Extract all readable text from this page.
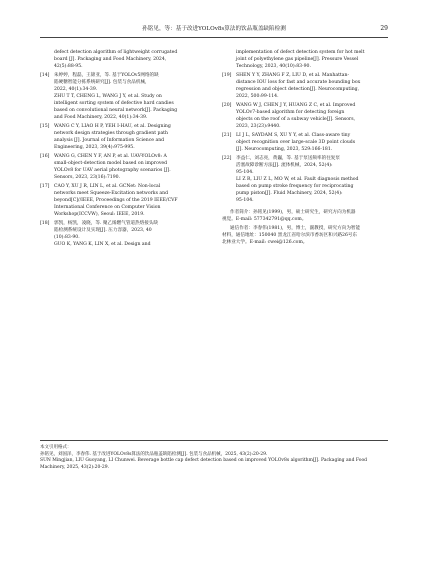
孙铭见，等：基于改进YOLOv8s算法的饮品瓶盖缺陷检测	29
defect detection algorithm of lightweight corrugated
board [J]. Packaging and Food Machinery, 2024,
42(5):88-95.
[14] 朱婷婷，程磊，王锦亚，等. 基于YOLOv5网络的缺
陷硬糖智能分拣系统研究[J]. 包装与食品机械，
2022, 40(1):34-39.
ZHU T T, CHENG L, WANG J Y, et al. Study on
intelligent sorting system of defective hard candies
based on convolutional neural network[J]. Packaging
and Food Machinery, 2022, 40(1):34-39.
[15] WANG C Y, LIAO H P, YEH I-HAU, et al. Designing
network design strategies through gradient path
analysis [J]. Journal of Information Science and
Engineering, 2023, 39(4):975-995.
[16] WANG G, CHEN Y F, AN P, et al. UAV-YOLOv8: A
small-object-detection model based on improved
YOLOv8 for UAV aerial photography scenarios [J].
Sensors, 2023, 23(16):7190.
[17] CAO Y, XU J R, LIN L, et al. GCNet: Non-local
networks meet Squeeze-Excitation networks and
beyond[C]//IEEE, Proceedings of the 2019 IEEE/CVF
International Conference on Computer Vision
Workshop(ICCVW), Seoul: IEEE, 2019.
[18] 郭凯，杨凯，凌晓，等. 聚乙烯燃气管道热熔接头缺
陷检测系统设计及实现[J]. 压力容器，2023, 40
(10):83-90.
GUO K, YANG K, LIN X, et al. Design and
implementation of defect detection system for hot melt
joint of polyethylene gas pipeline[J]. Pressure Vessel
Technology, 2023, 40(10):83-90.
[19] SHEN Y Y, ZHANG F Z, LIU D, et al. Manhattan-
distance IOU loss for fast and accurate bounding box
regression and object detection[J]. Neurocomputing,
2022, 500:99-114.
[20] WANG W J, CHEN J Y, HUANG Z C, et al. Improved
YOLOv7-based algorithm for detecting foreign
objects on the roof of a subway vehicle[J]. Sensors,
2023, 23(23):9440.
[21] LI J L, SAYDAM S, XU Y Y, et al. Class-aware tiny
object recognition over large-scale 3D point clouds
[J]. Neurocomputing, 2023, 529:166-181.
[22] 李益仁，刘志亮，黄巍，等. 基于泵送频率的往复泵
活塞故障诊断方法[J]. 流体机械，2024, 52(4):
95-104.
LI Z R, LIU Z L, MO W, et al. Fault diagnosis method
based on pump stroke frequency for reciprocating
pump piston[J]. Fluid Machinery, 2024, 52(4):
95-104.

作者简介：孙铭见(1999)，男，硕士研究生，研究方向为机器
视觉。E-mail: 577342791@qq.com。

通信作者：李春伟(1981)，男，博士，副教授，研究方向为智能
材料，通信地址：150040 黑龙江省哈尔滨市香坊区和兴路26号东
北林业大学。E-mail: cwei@126.com。

本文引用格式：
孙铭见，刘国泽，李春伟. 基于改进YOLOv8s算法的饮品瓶盖缺陷检测[J]. 包装与食品机械，2025, 43(2):20-29.
SUN Mingjian, LIU Guoyang, LI Chunwei. Beverage bottle cap defect detection based on improved YOLOv8s algorithm[J]. Packaging and Food
Machinery, 2025, 43(2):20-29.
